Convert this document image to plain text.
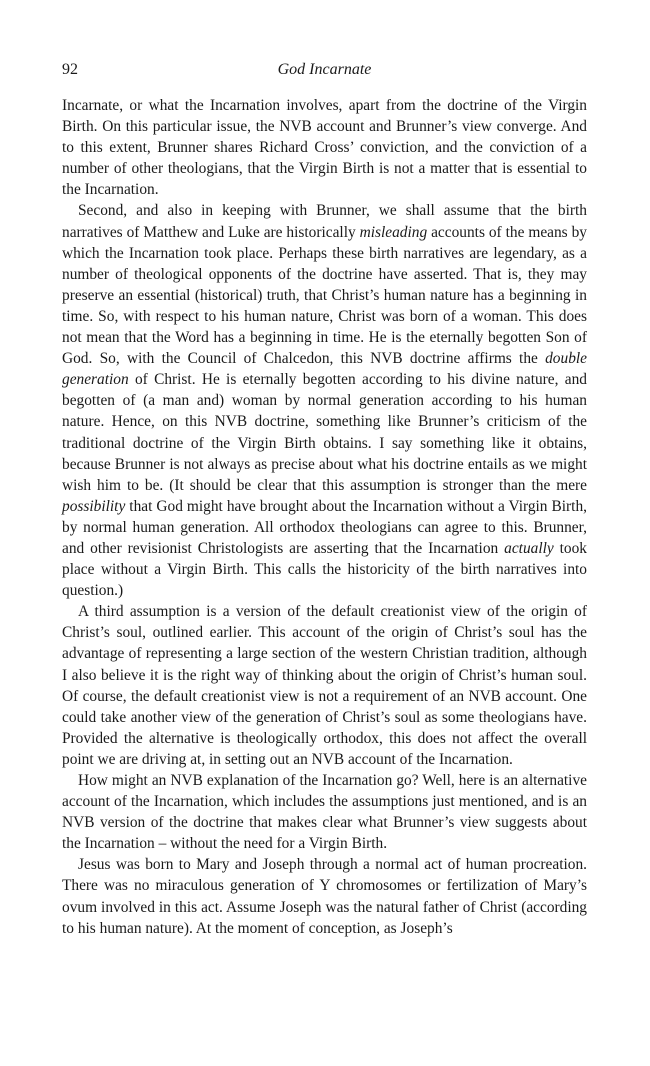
92	God Incarnate

Incarnate, or what the Incarnation involves, apart from the doctrine of the Virgin Birth. On this particular issue, the NVB account and Brunner’s view converge. And to this extent, Brunner shares Richard Cross’ conviction, and the conviction of a number of other theologians, that the Virgin Birth is not a matter that is essential to the Incarnation.

Second, and also in keeping with Brunner, we shall assume that the birth narratives of Matthew and Luke are historically misleading accounts of the means by which the Incarnation took place. Perhaps these birth narratives are legendary, as a number of theological opponents of the doctrine have asserted. That is, they may preserve an essential (historical) truth, that Christ’s human nature has a beginning in time. So, with respect to his human nature, Christ was born of a woman. This does not mean that the Word has a beginning in time. He is the eternally begotten Son of God. So, with the Council of Chalcedon, this NVB doctrine affirms the double generation of Christ. He is eternally begotten according to his divine nature, and begotten of (a man and) woman by normal generation according to his human nature. Hence, on this NVB doctrine, something like Brunner’s criticism of the traditional doctrine of the Virgin Birth obtains. I say something like it obtains, because Brunner is not always as precise about what his doctrine entails as we might wish him to be. (It should be clear that this assumption is stronger than the mere possibility that God might have brought about the Incarnation without a Virgin Birth, by normal human generation. All orthodox theologians can agree to this. Brunner, and other revisionist Christologists are asserting that the Incarnation actually took place without a Virgin Birth. This calls the historicity of the birth narratives into question.)

A third assumption is a version of the default creationist view of the origin of Christ’s soul, outlined earlier. This account of the origin of Christ’s soul has the advantage of representing a large section of the western Christian tradition, although I also believe it is the right way of thinking about the origin of Christ’s human soul. Of course, the default creationist view is not a requirement of an NVB account. One could take another view of the generation of Christ’s soul as some theologians have. Provided the alternative is theologically orthodox, this does not affect the overall point we are driving at, in setting out an NVB account of the Incarnation.

How might an NVB explanation of the Incarnation go? Well, here is an alternative account of the Incarnation, which includes the assumptions just mentioned, and is an NVB version of the doctrine that makes clear what Brunner’s view suggests about the Incarnation – without the need for a Virgin Birth.

Jesus was born to Mary and Joseph through a normal act of human procreation. There was no miraculous generation of Y chromosomes or fertilization of Mary’s ovum involved in this act. Assume Joseph was the natural father of Christ (according to his human nature). At the moment of conception, as Joseph’s
